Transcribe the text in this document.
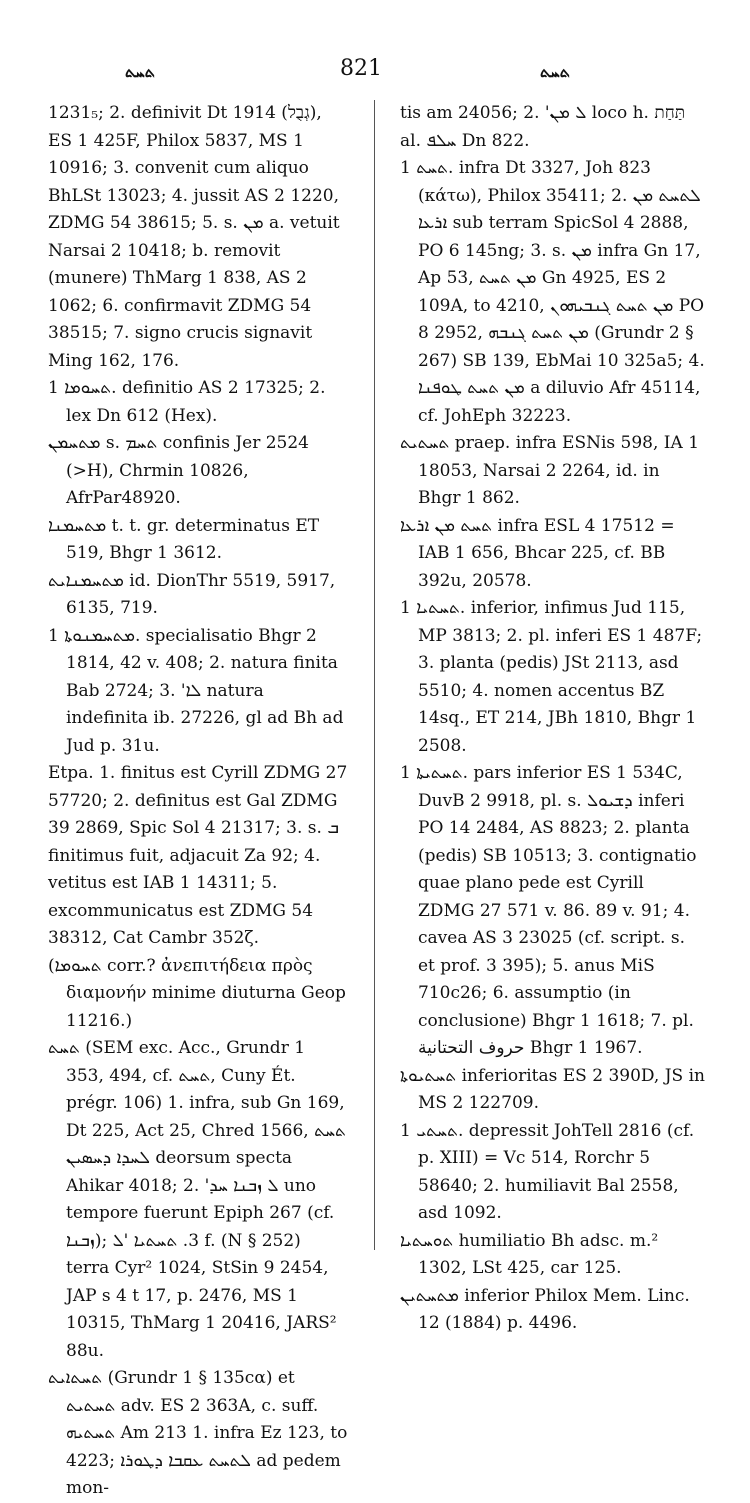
ܬܚܬ	821	ܬܚܬ

1231₅; 2. definivit Dt 1914 (גְבֻל), ES 1 425F, Philox 5837, MS 1 10916; 3. convenit cum aliquo BhLSt 13023; 4. jussit AS 2 1220, ZDMG 54 38615; 5. s. ܡܢ a. vetuit Narsai 2 10418; b. removit (munere) ThMarg 1 838, AS 2 1062; 6. confirmavit ZDMG 54 38515; 7. signo crucis signavit Ming 162, 176.

ܬܚܘܡܐ 1. definitio AS 2 17325; 2. lex Dn 612 (Hex).

ܡܬܚܡܢ s. ܬܚܡ confinis Jer 2524 (>H), Chrmin 10826, AfrPar48920.

ܡܬܚܡܢܐ t. t. gr. determinatus ET 519, Bhgr 1 3612.

ܡܬܚܡܢܐܝܬ id. DionThr 5519, 5917, 6135, 719.

ܡܬܚܡܢܘܬܐ 1. specialisatio Bhgr 2 1814, 42 v. 408; 2. natura finita Bab 2724; 3. 'ܠܐ natura indefinita ib. 27226, gl ad Bh ad Jud p. 31u.

Etpa. 1. finitus est Cyrill ZDMG 27 57720; 2. definitus est Gal ZDMG 39 2869, Spic Sol 4 21317; 3. s. ܒ finitimus fuit, adjacuit Za 92; 4. vetitus est IAB 1 14311; 5. excommunicatus est ZDMG 54 38312, Cat Cambr 352ζ.

(ܬܚܘܡܐ corr.? ἀνεπιτήδεια πρὸς διαμονήν minime diuturna Geop 11216.)

ܬܚܬ (SEM exc. Acc., Grundr 1 353, 494, cf. ܬܚܬ, Cuny Ét. prégr. 106) 1. infra, sub Gn 169, Dt 225, Act 25, Chred 1566, ܬܚܬ ܠܚܕܐ ܕܚܣܝܢ deorsum specta Ahikar 4018; 2. 'ܠ ܙܒܢܐ ܚܕ uno tempore fuerunt Epiph 267 (cf. ܙܒܢܐ); 3. ܬܚܬܝܐ 'ܠ f. (N § 252) terra Cyr² 1024, StSin 9 2454, JAP s 4 t 17, p. 2476, MS 1 10315, ThMarg 1 20416, JARS² 88u.

ܬܚܬܐܝܬ (Grundr 1 § 135cα) et ܬܚܬܝܬ adv. ES 2 363A, c. suff. ܬܚܬܝܗ Am 213 1. infra Ez 123, to 4223; ܠܬܚܬ ܥܩܒܐ ܕܛܘܪܐ ad pedem mon-

tis am 24056; 2. 'ܠ ܡܢ loco h. תַּחַת al. ܚܠܦ Dn 822.

ܬܚܬ 1. infra Dt 3327, Joh 823 (κάτω), Philox 35411; 2. ܠܬܚܬ ܡܢ ܐܪܥܐ sub terram SpicSol 4 2888, PO 6 145ng; 3. s. ܡܢ infra Gn 17, Ap 53, ܡܢ ܬܚܬ Gn 4925, ES 2 109A, to 4210, ܡܢ ܬܚܬ ܓܢܒܝܗܘܢ PO 8 2952, ܡܢ ܬܚܬ ܓܢܒܗ (Grundr 2 § 267) SB 139, EbMai 10 325a5; 4. ܡܢ ܬܚܬ ܛܘܦܢܐ a diluvio Afr 45114, cf. JohEph 32223.

ܬܚܬܝܬ praep. infra ESNis 598, IA 1 18053, Narsai 2 2264, id. in Bhgr 1 862.

ܬܚܬ ܡܢ ܐܪܥܐ infra ESL 4 17512 = IAB 1 656, Bhcar 225, cf. BB 392u, 20578.

ܬܚܬܝܐ 1. inferior, infimus Jud 115, MP 3813; 2. pl. inferi ES 1 487F; 3. planta (pedis) JSt 2113, asd 5510; 4. nomen accentus BZ 14sq., ET 214, JBh 1810, Bhgr 1 2508.

ܬܚܬܝܬܐ 1. pars inferior ES 1 534C, DuvB 2 9918, pl. s. ܕܫܝܘܠ inferi PO 14 2484, AS 8823; 2. planta (pedis) SB 10513; 3. contignatio quae plano pede est Cyrill ZDMG 27 571 v. 86. 89 v. 91; 4. cavea AS 3 23025 (cf. script. s. et prof. 3 395); 5. anus MiS 710c26; 6. assumptio (in conclusione) Bhgr 1 1618; 7. pl. حروف التحتانية Bhgr 1 1967.

ܬܚܬܝܘܬܐ inferioritas ES 2 390D, JS in MS 2 122709.

ܬܚܬܝ 1. depressit JohTell 2816 (cf. p. XIII) = Vc 514, Rorchr 5 58640; 2. humiliavit Bal 2558, asd 1092.

ܬܘܚܬܝܐ humiliatio Bh adsc. m.² 1302, LSt 425, car 125.

ܡܬܚܬܝܢ inferior Philox Mem. Linc. 12 (1884) p. 4496.
